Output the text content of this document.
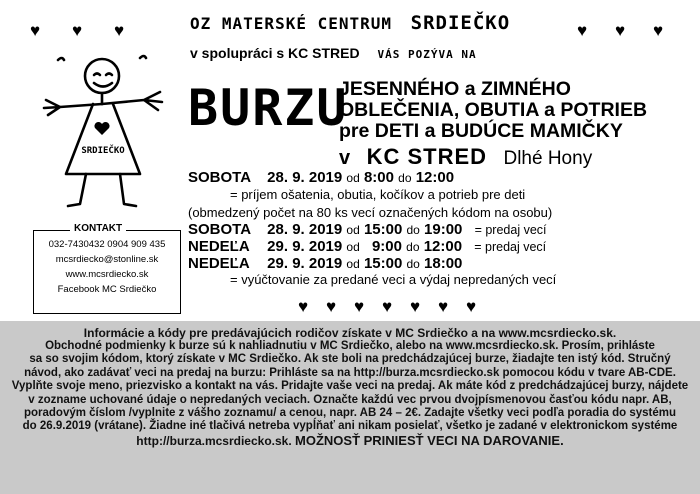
♥ ♥ ♥	♥ ♥ ♥
♥ ♥ ♥ ♥ ♥ ♥ ♥
OZ MATERSKÉ CENTRUM SRDIEČKO
v spolupráci s KC STRED VÁS POZÝVA NA
SRDIEČKO
BURZU
JESENNÉHO a ZIMNÉHO
OBLEČENIA, OBUTIA a POTRIEB
pre DETI a BUDÚCE MAMIČKY
v KC STRED Dlhé Hony
SOBOTA 28. 9. 2019 od 8:00 do 12:00
= príjem ošatenia, obutia, kočíkov a potrieb pre deti
(obmedzený počet na 80 ks vecí označených kódom na osobu)
SOBOTA 28. 9. 2019 od 15:00 do 19:00 = predaj vecí
NEDEĽA 29. 9. 2019 od 9:00 do 12:00 = predaj vecí
NEDEĽA 29. 9. 2019 od 15:00 do 18:00
= vyúčtovanie za predané veci a výdaj nepredaných vecí
KONTAKT
032-7430432 0904 909 435
mcsrdiecko@stonline.sk
www.mcsrdiecko.sk
Facebook MC Srdiečko

Informácie a kódy pre predávajúcich rodičov získate v MC Srdiečko a na www.mcsrdiecko.sk.

Obchodné podmienky k burze sú k nahliadnutiu v MC Srdiečko, alebo na www.mcsrdiecko.sk. Prosím, prihláste

sa so svojim kódom, ktorý získate v MC Srdiečko. Ak ste boli na predchádzajúcej burze, žiadajte ten istý kód. Stručný

návod, ako zadávať veci na predaj na burzu: Prihláste sa na http://burza.mcsrdiecko.sk pomocou kódu v tvare AB-CDE.

Vyplňte svoje meno, priezvisko a kontakt na vás. Pridajte vaše veci na predaj. Ak máte kód z predchádzajúcej burzy, nájdete

v zozname uchované údaje o nepredaných veciach. Označte každú vec prvou dvojpísmenovou časťou kódu napr. AB,

poradovým číslom /vyplnite z vášho zoznamu/ a cenou, napr. AB 24 – 2€. Zadajte všetky veci podľa poradia do systému

do 26.9.2019 (vrátane). Žiadne iné tlačivá netreba vypĺňať ani nikam posielať, všetko je zadané v elektronickom systéme

http://burza.mcsrdiecko.sk. MOŽNOSŤ PRINIESŤ VECI NA DAROVANIE.
